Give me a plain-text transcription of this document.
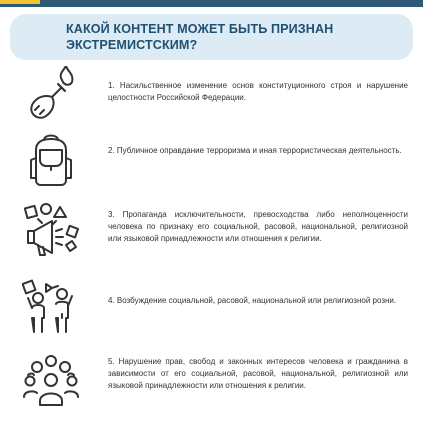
КАКОЙ КОНТЕНТ МОЖЕТ БЫТЬ ПРИЗНАН
ЭКСТРЕМИСТСКИМ?
1. Насильственное изменение основ конституционного строя и нарушение целостности Российской Федерации.
2. Публичное оправдание терроризма и иная террористическая деятельность.
3. Пропаганда исключительности, превосходства либо неполноценности человека по признаку его социальной, расовой, национальной, религиозной или языковой принадлежности или отношения к религии.
4. Возбуждение социальной, расовой, национальной или религиозной розни.
5. Нарушение прав, свобод и законных интересов человека и гражданина в зависимости от его социальной, расовой, национальной, религиозной или языковой принадлежности или отношения к религии.
